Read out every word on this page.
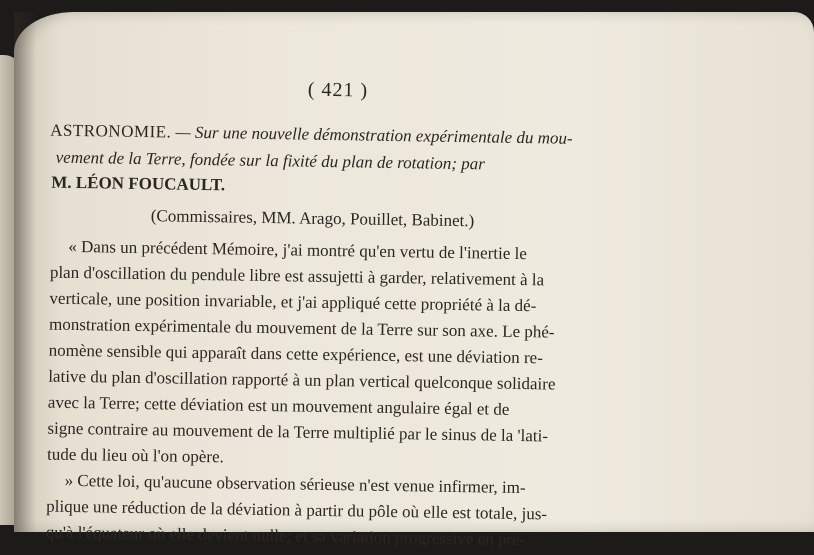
( 421 )
ASTRONOMIE. — Sur une nouvelle démonstration expérimentale du mou-
vement de la Terre, fondée sur la fixité du plan de rotation; par
M. LÉON FOUCAULT.
(Commissaires, MM. Arago, Pouillet, Babinet.)
« Dans un précédent Mémoire, j'ai montré qu'en vertu de l'inertie le
plan d'oscillation du pendule libre est assujetti à garder, relativement à la
verticale, une position invariable, et j'ai appliqué cette propriété à la dé-
monstration expérimentale du mouvement de la Terre sur son axe. Le phé-
nomène sensible qui apparaît dans cette expérience, est une déviation re-
lative du plan d'oscillation rapporté à un plan vertical quelconque solidaire
avec la Terre; cette déviation est un mouvement angulaire égal et de
signe contraire au mouvement de la Terre multiplié par le sinus de la 'lati-
tude du lieu où l'on opère.
» Cette loi, qu'aucune observation sérieuse n'est venue infirmer, im-
plique une réduction de la déviation à partir du pôle où elle est totale, jus-
qu'à l'équateur où elle devient nulle; et sa variation progressive en pré-
